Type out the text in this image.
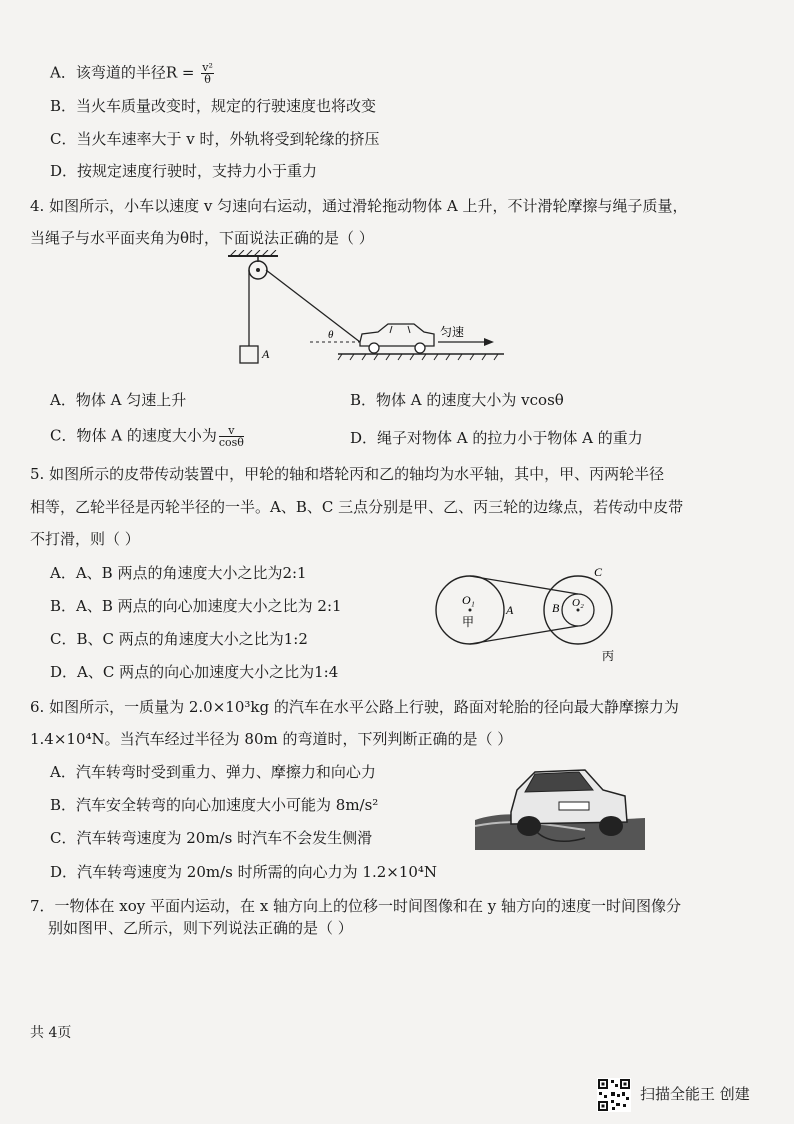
A．该弯道的半径$R = \frac{\text{v²}}{\theta}$
B．当火车质量改变时，规定的行驶速度也将改变
C．当火车速率大于 v 时，外轨将受到轮缘的挤压
D．按规定速度行驶时，支持力小于重力
4. 如图所示，小车以速度 v 匀速向右运动，通过滑轮拖动物体 A 上升，不计滑轮摩擦与绳子质量，
当绳子与水平面夹角为θ时，下面说法正确的是（ ）
A
θ	匀速
A．物体 A 匀速上升	B．物体 A 的速度大小为 vcosθ
C．物体 A 的速度大小为 $\frac{v}{\cos\theta}$	D．绳子对物体 A 的拉力小于物体 A 的重力
5. 如图所示的皮带传动装置中，甲轮的轴和塔轮丙和乙的轴均为水平轴，其中，甲、丙两轮半径
相等，乙轮半径是丙轮半径的一半。A、B、C 三点分别是甲、乙、丙三轮的边缘点，若传动中皮带
不打滑，则（ ）
A．A、B 两点的角速度大小之比为2:1
B．A、B 两点的向心加速度大小之比为 2:1
C．B、C 两点的角速度大小之比为1:2
D．A、C 两点的向心加速度大小之比为1:4
O₁
甲
A	B O₂
C
丙
6. 如图所示，一质量为 2.0×10³kg 的汽车在水平公路上行驶，路面对轮胎的径向最大静摩擦力为
1.4×10⁴N。当汽车经过半径为 80m 的弯道时，下列判断正确的是（ ）
A．汽车转弯时受到重力、弹力、摩擦力和向心力
B．汽车安全转弯的向心加速度大小可能为 8m/s²
C．汽车转弯速度为 20m/s 时汽车不会发生侧滑
D．汽车转弯速度为 20m/s 时所需的向心力为 1.2×10⁴N
7．一物体在 xoy 平面内运动，在 x 轴方向上的位移一时间图像和在 y 轴方向的速度一时间图像分
别如图甲、乙所示，则下列说法正确的是（ ）
共 4页
扫描全能王 创建
